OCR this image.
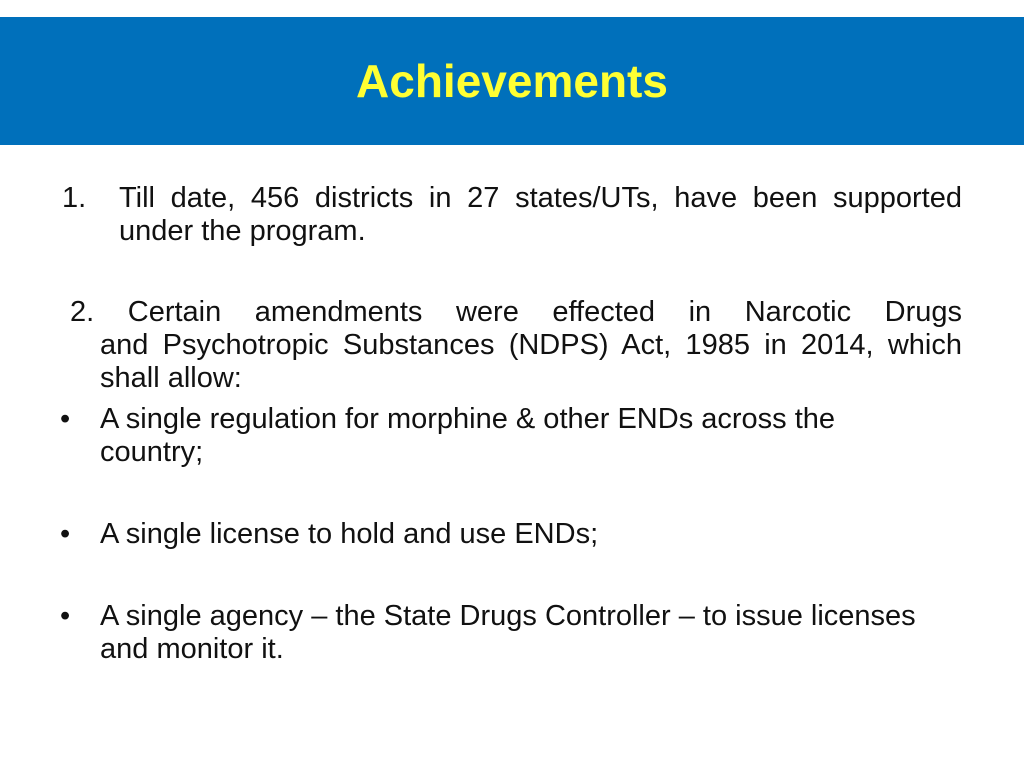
Achievements
1. Till date, 456 districts in 27 states/UTs, have been supported under the program.
2. Certain amendments were effected in Narcotic Drugs
and Psychotropic Substances (NDPS) Act, 1985 in 2014, which shall allow:
•	A single regulation for morphine & other ENDs across the country;
•	A single license to hold and use ENDs;
•	A single agency – the State Drugs Controller – to issue licenses and monitor it.
